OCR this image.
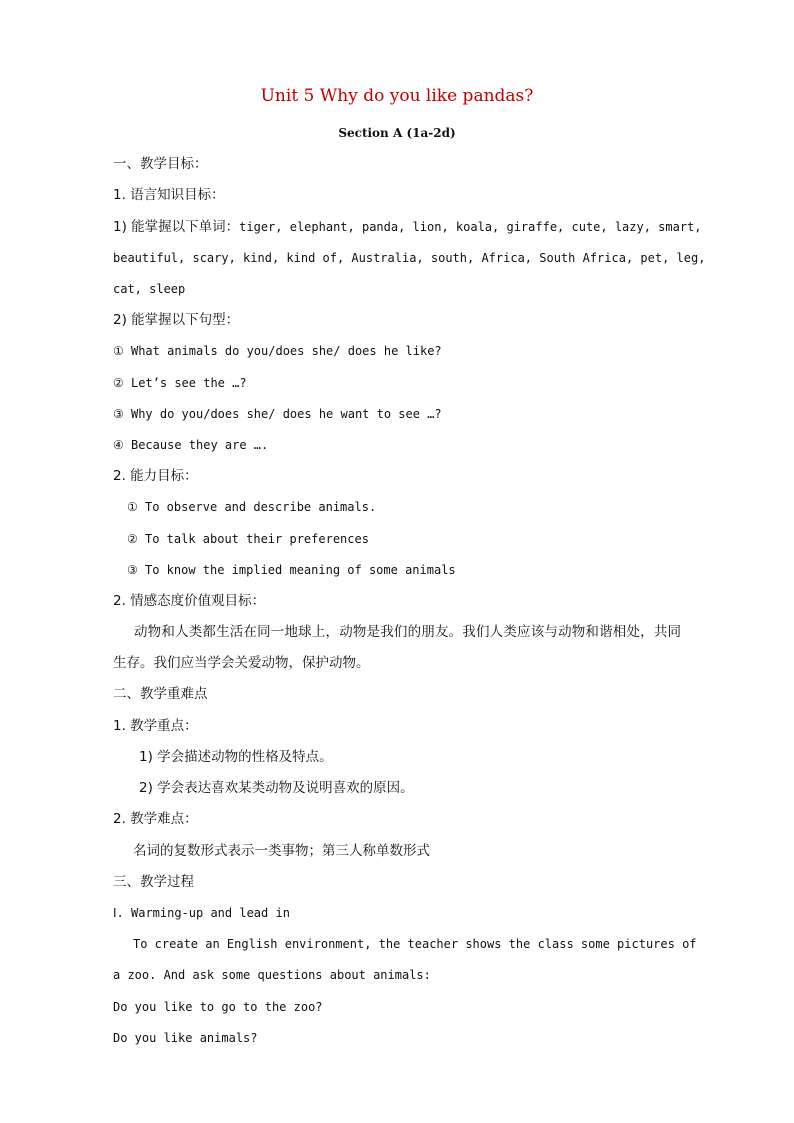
Unit 5 Why do you like pandas?
Section A (1a-2d)
一、教学目标：
1. 语言知识目标：
1) 能掌握以下单词：tiger, elephant, panda, lion, koala, giraffe, cute, lazy, smart,
beautiful, scary, kind, kind of, Australia, south, Africa, South Africa, pet, leg,
cat, sleep
2) 能掌握以下句型：
① What animals do you/does she/ does he like?
② Let’s see the …?
③ Why do you/does she/ does he want to see …?
④ Because they are ….
2. 能力目标：
① To observe and describe animals.
② To talk about their preferences
③ To know the implied meaning of some animals
2. 情感态度价值观目标：
动物和人类都生活在同一地球上，动物是我们的朋友。我们人类应该与动物和谐相处，共同生存。我们应当学会关爱动物，保护动物。
二、教学重难点
1. 教学重点：
1) 学会描述动物的性格及特点。
2) 学会表达喜欢某类动物及说明喜欢的原因。
2. 教学难点：
名词的复数形式表示一类事物；第三人称单数形式
三、教学过程
Ⅰ. Warming-up and lead in
To create an English environment, the teacher shows the class some pictures of
a zoo. And ask some questions about animals:
Do you like to go to the zoo?
Do you like animals?
